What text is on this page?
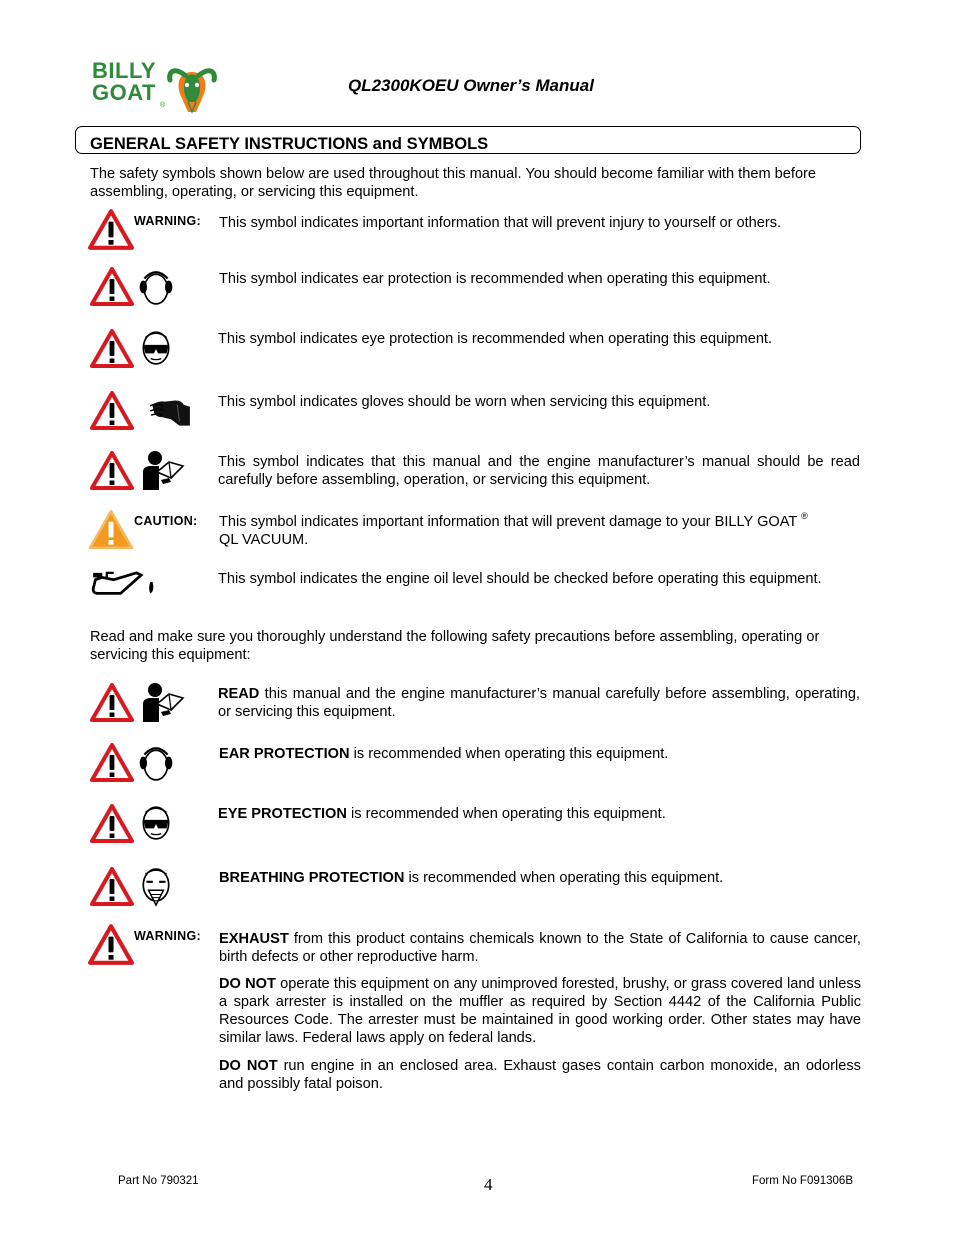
BILLY
GOAT
®
QL2300KOEU Owner’s Manual
GENERAL SAFETY INSTRUCTIONS and SYMBOLS
The safety symbols shown below are used throughout this manual. You should become familiar with them before assembling, operating, or servicing this equipment.
WARNING: This symbol indicates important information that will prevent injury to yourself or others.
This symbol indicates ear protection is recommended when operating this equipment.
This symbol indicates eye protection is recommended when operating this equipment.
This symbol indicates gloves should be worn when servicing this equipment.
This symbol indicates that this manual and the engine manufacturer’s manual should be read carefully before assembling, operation, or servicing this equipment.
CAUTION: This symbol indicates important information that will prevent damage to your BILLY GOAT ®
QL VACUUM.
This symbol indicates the engine oil level should be checked before operating this equipment.
Read and make sure you thoroughly understand the following safety precautions before assembling, operating or servicing this equipment:
READ this manual and the engine manufacturer’s manual carefully before assembling, operating, or servicing this equipment.
EAR PROTECTION is recommended when operating this equipment.
EYE PROTECTION is recommended when operating this equipment.
BREATHING PROTECTION is recommended when operating this equipment.
WARNING: EXHAUST from this product contains chemicals known to the State of California to cause cancer, birth defects or other reproductive harm.
DO NOT operate this equipment on any unimproved forested, brushy, or grass covered land unless a spark arrester is installed on the muffler as required by Section 4442 of the California Public Resources Code. The arrester must be maintained in good working order. Other states may have similar laws. Federal laws apply on federal lands.
DO NOT run engine in an enclosed area. Exhaust gases contain carbon monoxide, an odorless and possibly fatal poison.
Part No 790321	4	Form No F091306B
